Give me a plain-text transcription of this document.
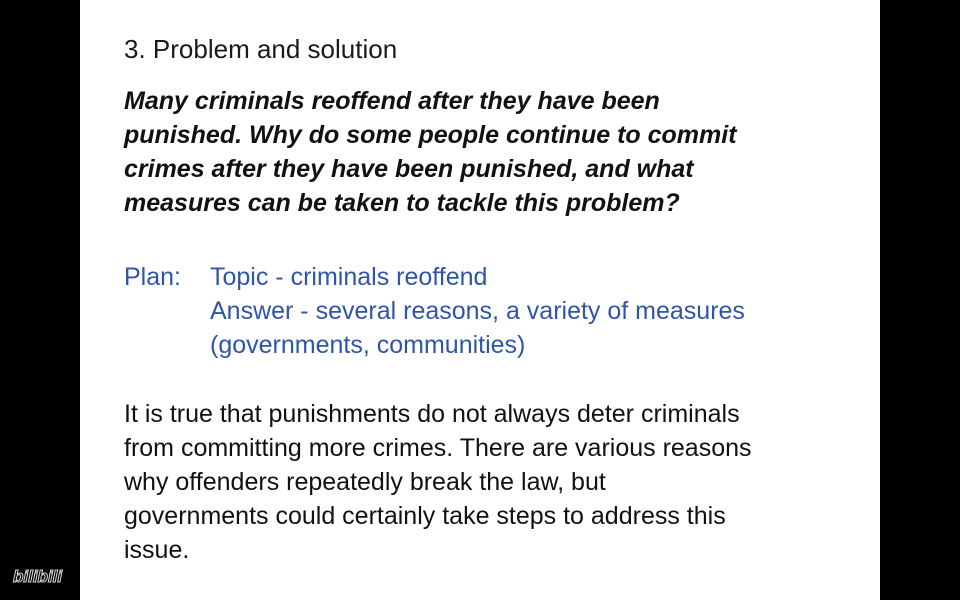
3. Problem and solution

Many criminals reoffend after they have been
punished. Why do some people continue to commit
crimes after they have been punished, and what
measures can be taken to tackle this problem?

Plan: Topic - criminals reoffend
Answer - several reasons, a variety of measures
(governments, communities)
It is true that punishments do not always deter criminals
from committing more crimes. There are various reasons
why offenders repeatedly break the law, but
governments could certainly take steps to address this
issue.
bilibili
